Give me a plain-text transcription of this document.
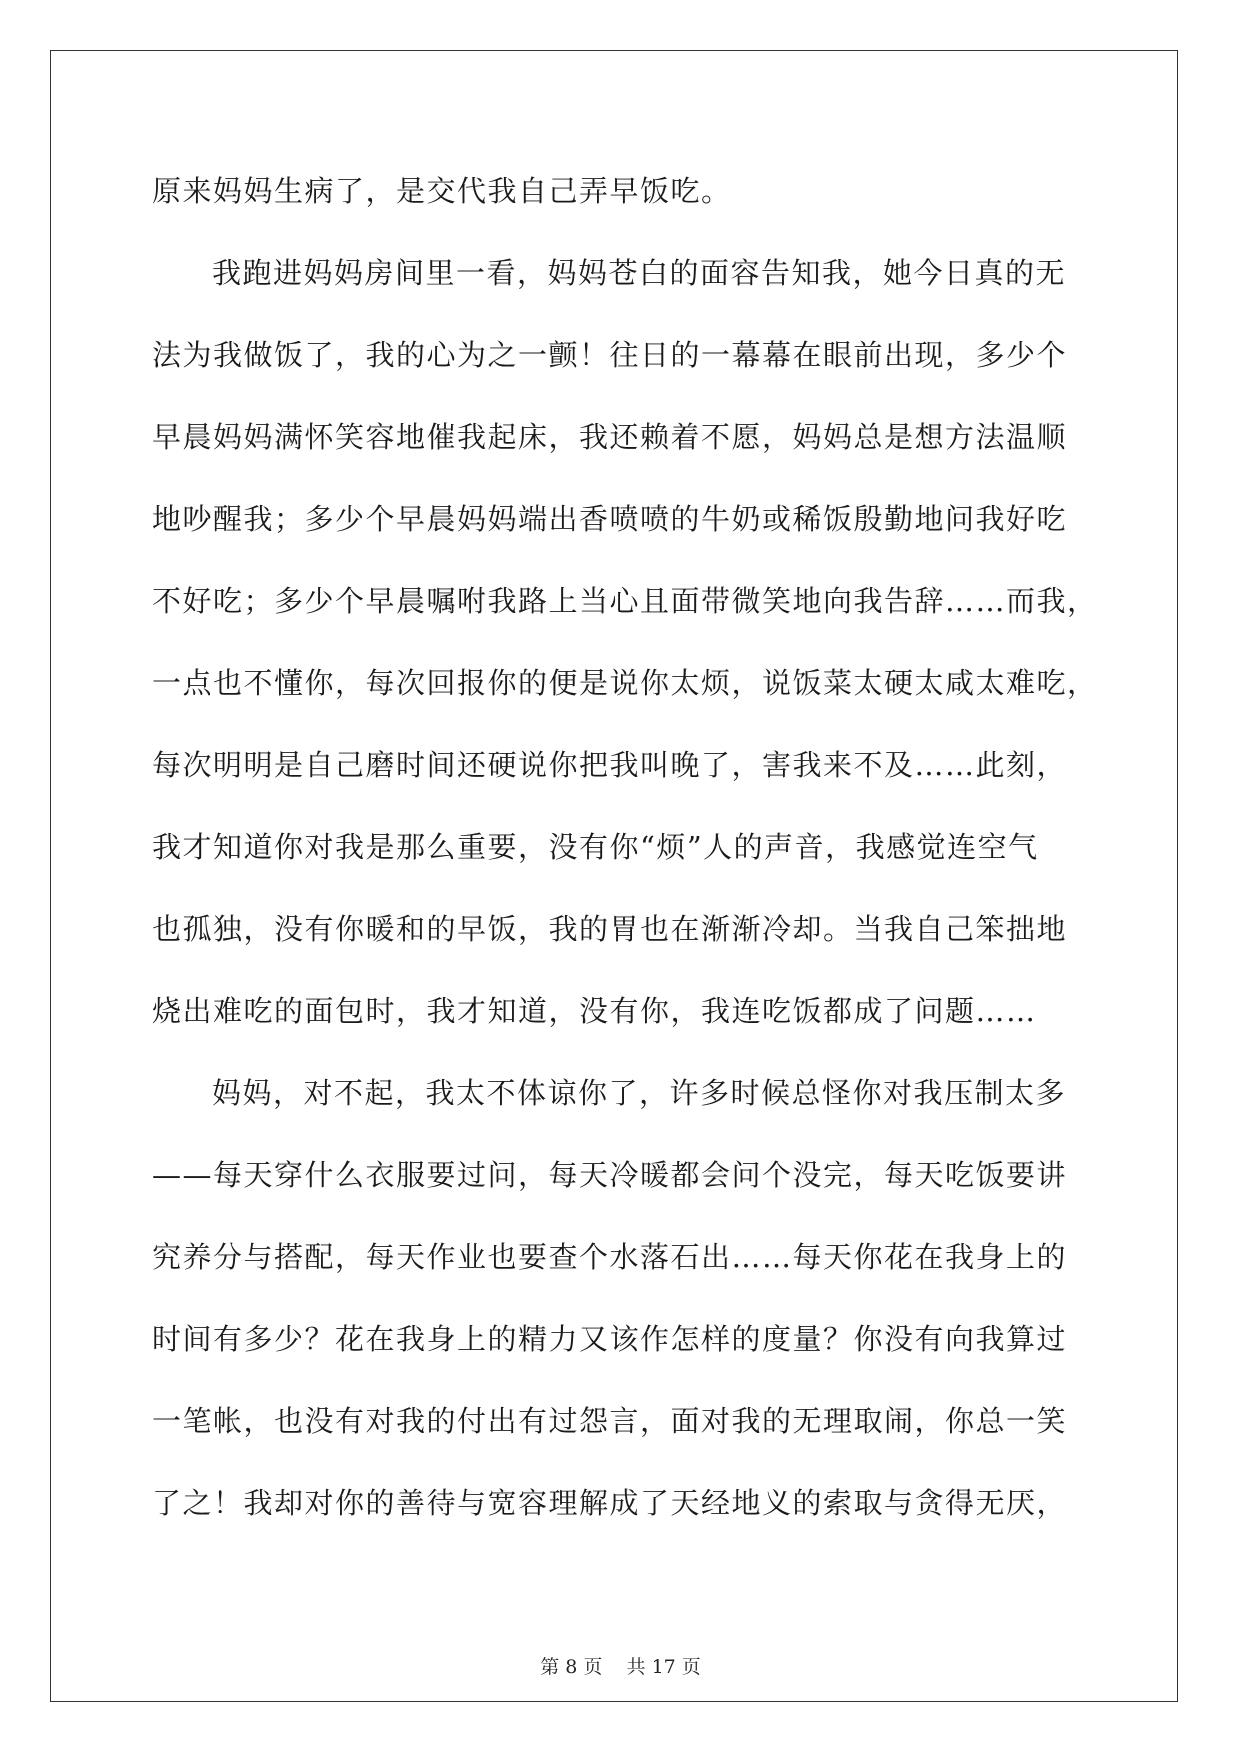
原来妈妈生病了，是交代我自己弄早饭吃。
我跑进妈妈房间里一看，妈妈苍白的面容告知我，她今日真的无
法为我做饭了，我的心为之一颤！往日的一幕幕在眼前出现，多少个
早晨妈妈满怀笑容地催我起床，我还赖着不愿，妈妈总是想方法温顺
地吵醒我；多少个早晨妈妈端出香喷喷的牛奶或稀饭殷勤地问我好吃
不好吃；多少个早晨嘱咐我路上当心且面带微笑地向我告辞……而我，
一点也不懂你，每次回报你的便是说你太烦，说饭菜太硬太咸太难吃，
每次明明是自己磨时间还硬说你把我叫晚了，害我来不及……此刻，
我才知道你对我是那么重要，没有你“烦”人的声音，我感觉连空气
也孤独，没有你暖和的早饭，我的胃也在渐渐冷却。当我自己笨拙地
烧出难吃的面包时，我才知道，没有你，我连吃饭都成了问题……
妈妈，对不起，我太不体谅你了，许多时候总怪你对我压制太多
——每天穿什么衣服要过问，每天冷暖都会问个没完，每天吃饭要讲
究养分与搭配，每天作业也要查个水落石出……每天你花在我身上的
时间有多少？花在我身上的精力又该作怎样的度量？你没有向我算过
一笔帐，也没有对我的付出有过怨言，面对我的无理取闹，你总一笑
了之！我却对你的善待与宽容理解成了天经地义的索取与贪得无厌，
第 8 页    共 17 页
